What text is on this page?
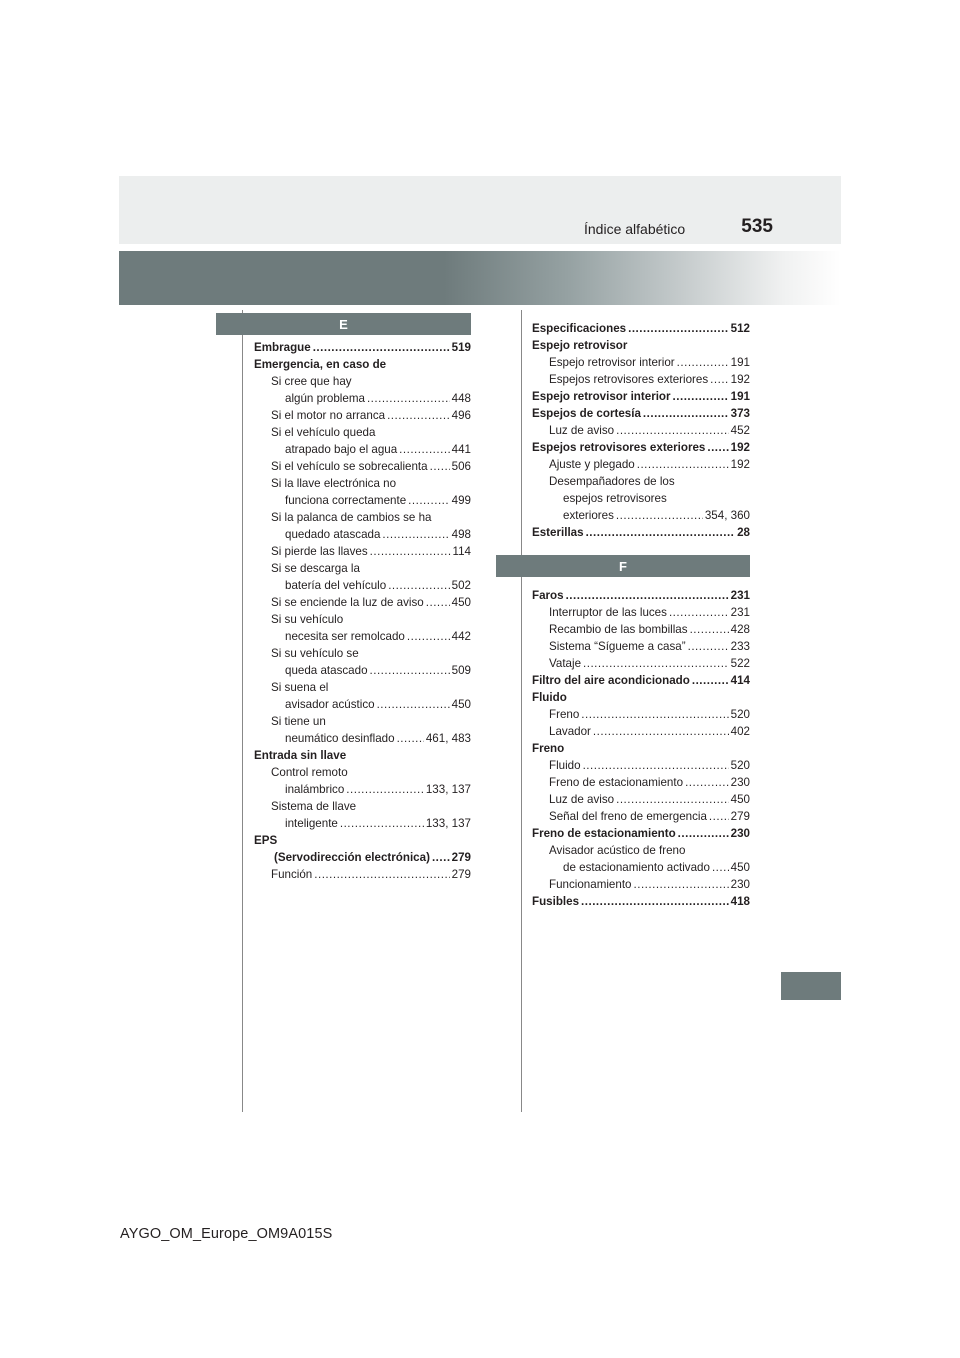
Índice alfabético	535
E
Embrague .....	519
Emergencia, en caso de
Si cree que hay
algún problema .....	448
Si el motor no arranca .....	496
Si el vehículo queda
atrapado bajo el agua .....	441
Si el vehículo se sobrecalienta ..... 506
Si la llave electrónica no
funciona correctamente .....	499
Si la palanca de cambios se ha
quedado atascada .....	498
Si pierde las llaves .....	114
Si se descarga la
batería del vehículo .....	502
Si se enciende la luz de aviso ..... 450
Si su vehículo
necesita ser remolcado .....	442
Si su vehículo se
queda atascado .....	509
Si suena el
avisador acústico .....	450
Si tiene un
neumático desinflado .....	461, 483
Entrada sin llave
Control remoto
inalámbrico .....	133, 137
Sistema de llave
inteligente .....	133, 137
EPS
(Servodirección electrónica) ..... 279
Función .....	279
Especificaciones .....	512
Espejo retrovisor
Espejo retrovisor interior .....	191
Espejos retrovisores exteriores ..... 192
Espejo retrovisor interior .....	191
Espejos de cortesía .....	373
Luz de aviso .....	452
Espejos retrovisores exteriores ..... 192
Ajuste y plegado .....	192
Desempañadores de los
espejos retrovisores
exteriores .....	354, 360
Esterillas .....	28
F
Faros .....	231
Interruptor de las luces .....	231
Recambio de las bombillas .....	428
Sistema “Sígueme a casa” .....	233
Vataje .....	522
Filtro del aire acondicionado .....	414
Fluido
Freno .....	520
Lavador .....	402
Freno
Fluido .....	520
Freno de estacionamiento .....	230
Luz de aviso .....	450
Señal del freno de emergencia ..... 279
Freno de estacionamiento .....	230
Avisador acústico de freno
de estacionamiento activado ..... 450
Funcionamiento .....	230
Fusibles .....	418
AYGO_OM_Europe_OM9A015S
